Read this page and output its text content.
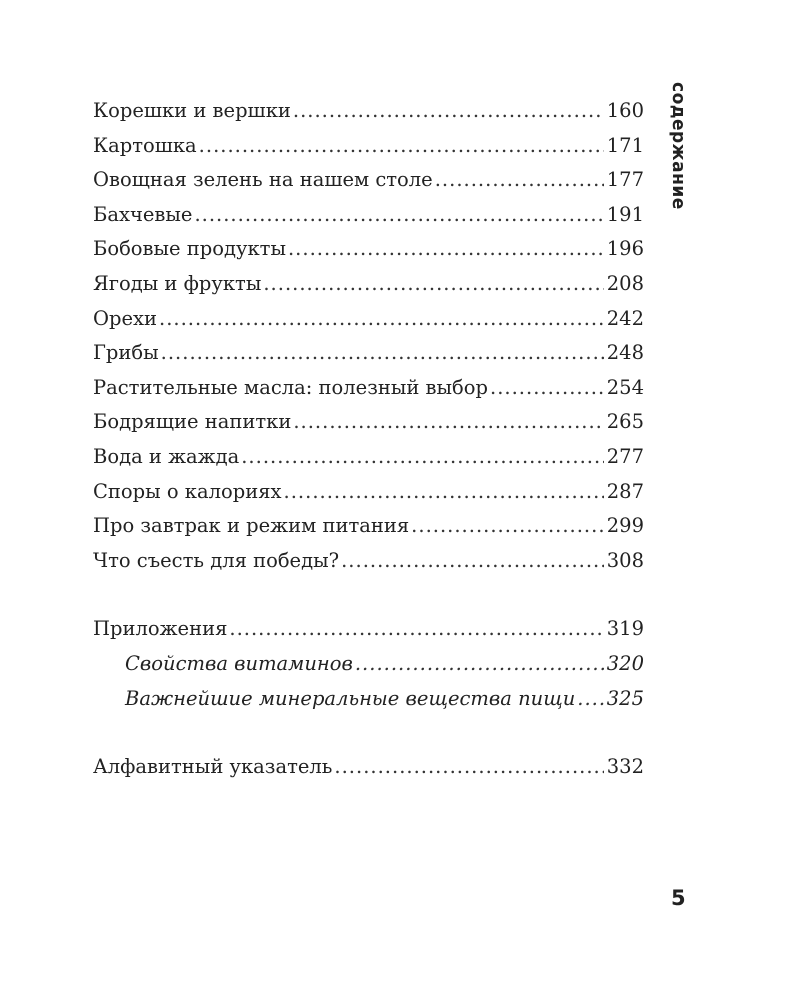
содержание
Корешки и вершки .....	160
Картошка .....	171
Овощная зелень на нашем столе .....	177
Бахчевые .....	191
Бобовые продукты .....	196
Ягоды и фрукты .....	208
Орехи .....	242
Грибы .....	248
Растительные масла: полезный выбор .....	254
Бодрящие напитки .....	265
Вода и жажда .....	277
Споры о калориях .....	287
Про завтрак и режим питания .....	299
Что съесть для победы? .....	308
Приложения .....	319
Свойства витаминов .....	320
Важнейшие минеральные вещества пищи ..... 325
Алфавитный указатель .....	332
5
